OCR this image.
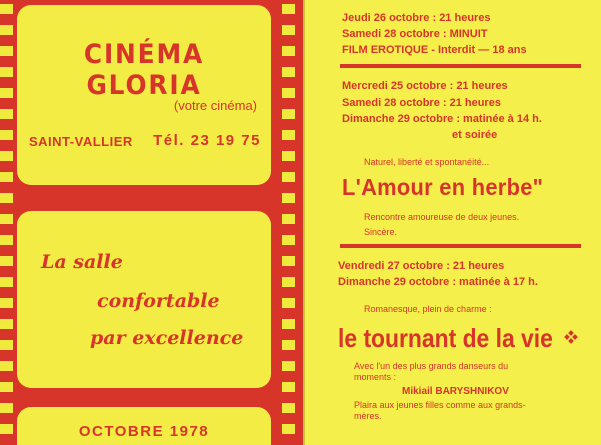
CINÉMA GLORIA
(votre cinéma)
SAINT-VALLIER Tél. 23 19 75
La salle
confortable
par excellence
OCTOBRE 1978
Jeudi 26 octobre : 21 heures
Samedi 28 octobre : MINUIT
FILM EROTIQUE - Interdit — 18 ans
Mercredi 25 octobre : 21 heures
Samedi 28 octobre : 21 heures
Dimanche 29 octobre : matinée à 14 h.
et soirée
Naturel, liberté et spontanéité...
L'Amour en herbe"
Rencontre amoureuse de deux jeunes.
Sincère.
Vendredi 27 octobre : 21 heures
Dimanche 29 octobre : matinée à 17 h.
Romanesque, plein de charme :
le tournant de la vie
Avec l'un des plus grands danseurs du
moments :
Mikiail BARYSHNIKOV
Plaira aux jeunes filles comme aux grands-
mères.
